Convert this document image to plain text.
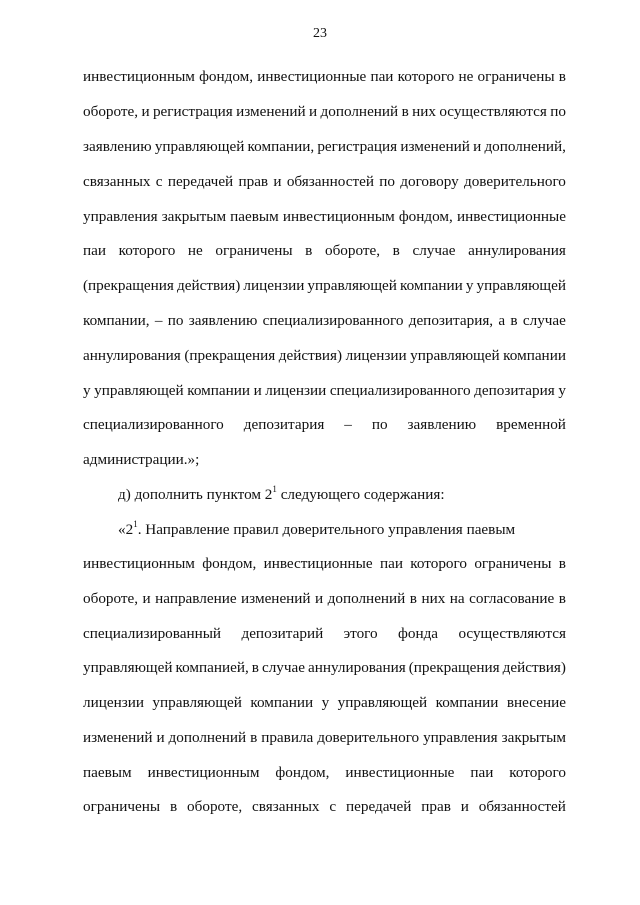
23
инвестиционным фондом, инвестиционные паи которого не ограничены в
обороте, и регистрация изменений и дополнений в них осуществляются по
заявлению управляющей компании, регистрация изменений и дополнений,
связанных с передачей прав и обязанностей по договору доверительного
управления закрытым паевым инвестиционным фондом, инвестиционные
паи которого не ограничены в обороте, в случае аннулирования
(прекращения действия) лицензии управляющей компании у управляющей
компании, – по заявлению специализированного депозитария, а в случае
аннулирования (прекращения действия) лицензии управляющей компании
у управляющей компании и лицензии специализированного депозитария у
специализированного депозитария – по заявлению временной
администрации.»;
д) дополнить пунктом $2^1$ следующего содержания:
«$2^1$. Направление правил доверительного управления паевым
инвестиционным фондом, инвестиционные паи которого ограничены в
обороте, и направление изменений и дополнений в них на согласование в
специализированный депозитарий этого фонда осуществляются
управляющей компанией, в случае аннулирования (прекращения действия)
лицензии управляющей компании у управляющей компании внесение
изменений и дополнений в правила доверительного управления закрытым
паевым инвестиционным фондом, инвестиционные паи которого
ограничены в обороте, связанных с передачей прав и обязанностей
